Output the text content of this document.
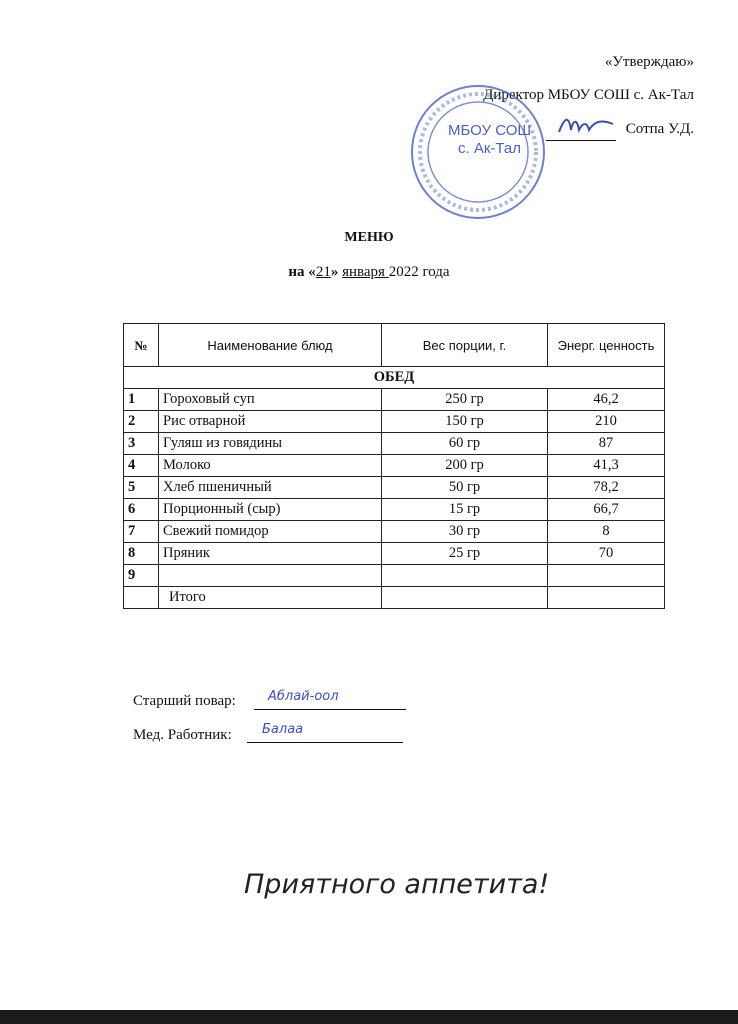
«Утверждаю»
Директор МБОУ СОШ с. Ак-Тал
Сотпа У.Д.
МБОУ СОШ
с. Ак-Тал
МЕНЮ
на «21» января 2022 года
№	Наименование блюд	Вес порции, г.	Энерг. ценность
ОБЕД			
1	Гороховый суп	250 гр	46,2
2	Рис отварной	150 гр	210
3	Гуляш из говядины	60 гр	87
4	Молоко	200 гр	41,3
5	Хлеб пшеничный	50 гр	78,2
6	Порционный (сыр)	15 гр	66,7
7	Свежий помидор	30 гр	8
8	Пряник	25 гр	70
9			
	Итого		
Старший повар: Аблай-оол
Мед. Работник: Балаа
Приятного аппетита!
